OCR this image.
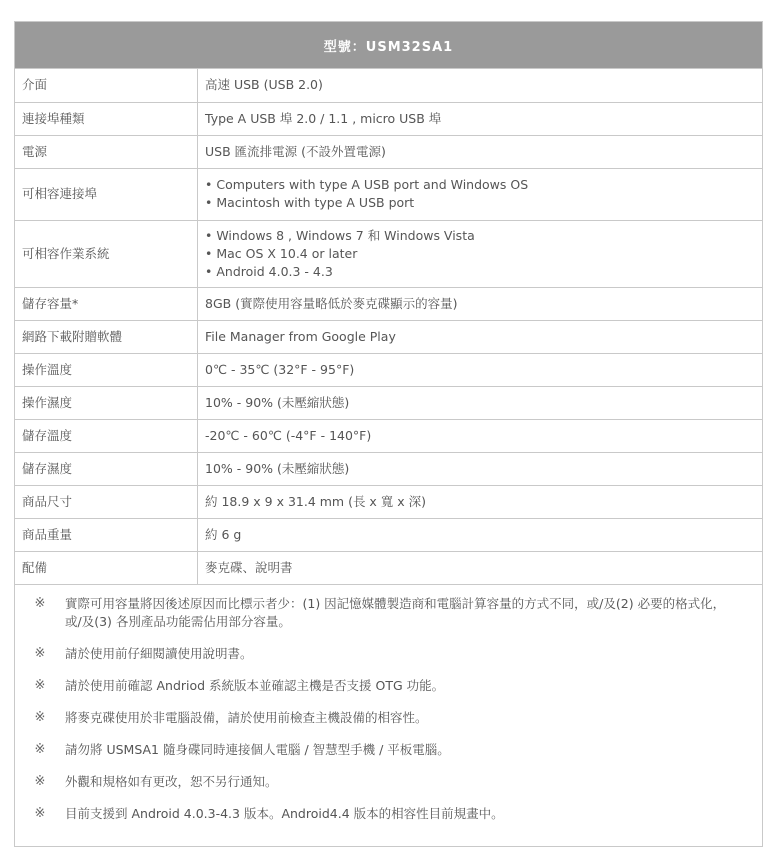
型號：USM32SA1
介面	高速 USB (USB 2.0)
連接埠種類	Type A USB 埠 2.0 / 1.1 , micro USB 埠
電源	USB 匯流排電源 (不設外置電源)
可相容連接埠	• Computers with type A USB port and Windows OS
• Macintosh with type A USB port

可相容作業系統	• Windows 8 , Windows 7 和 Windows Vista
• Mac OS X 10.4 or later
• Android 4.0.3 - 4.3

儲存容量*	8GB (實際使用容量略低於麥克碟顯示的容量)
網路下載附贈軟體	File Manager from Google Play
操作溫度	0℃ - 35℃ (32°F - 95°F)
操作濕度	10% - 90% (未壓縮狀態)
儲存溫度	-20℃ - 60℃ (-4°F - 140°F)
儲存濕度	10% - 90% (未壓縮狀態)
商品尺寸	約 18.9 x 9 x 31.4 mm (長 x 寬 x 深)
商品重量	約 6 g
配備	麥克碟、說明書
※	實際可用容量將因後述原因而比標示者少：(1) 因記憶媒體製造商和電腦計算容量的方式不同，或/及(2) 必要的格式化，或/及(3) 各別產品功能需佔用部分容量。
※	請於使用前仔細閱讀使用說明書。
※	請於使用前確認 Andriod 系統版本並確認主機是否支援 OTG 功能。
※	將麥克碟使用於非電腦設備，請於使用前檢查主機設備的相容性。
※	請勿將 USMSA1 隨身碟同時連接個人電腦 / 智慧型手機 / 平板電腦。
※	外觀和規格如有更改，恕不另行通知。
※	目前支援到 Android 4.0.3-4.3 版本。Android4.4 版本的相容性目前規畫中。
